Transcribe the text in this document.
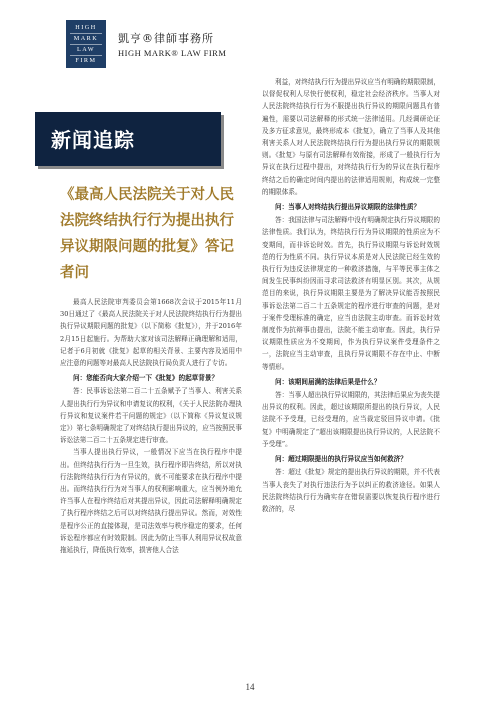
HIGH
MARK
LAW
FIRM
凱亨®律師事務所
HIGH MARK® LAW FIRM
新闻追踪
《最高人民法院关于对人民法院终结执行行为提出执行异议期限问题的批复》答记者问

最高人民法院审判委员会第1668次会议于2015年11月30日通过了《最高人民法院关于对人民法院终结执行行为提出执行异议期限问题的批复》（以下简称《批复》），并于2016年2月15日起施行。为帮助大家对该司法解释正确理解和适用，记者于6月初就《批复》起草的相关背景、主要内容及适用中应注意的问题等对最高人民法院执行局负责人进行了专访。

问：您能否向大家介绍一下《批复》的起草背景？

答：民事诉讼法第二百二十五条赋予了当事人、利害关系人提出执行行为异议和申请复议的权利，《关于人民法院办理执行异议和复议案件若干问题的规定》（以下简称《异议复议规定》）第七条明确规定了对终结执行提出异议的，应当按照民事诉讼法第二百二十五条规定进行审查。

当事人提出执行异议，一般情况下应当在执行程序中提出。但终结执行行为一旦生效，执行程序即告终结，所以对执行法院终结执行行为有异议的，就不可能要求在执行程序中提出。而终结执行行为对当事人的权利影响重大，应当例外地允许当事人在程序终结后对其提出异议，因此司法解释明确规定了执行程序终结之后可以对终结执行提出异议。然而，对效性是程序公正的直接体现，是司法效率与秩序稳定的要求，任何诉讼程序都应有时效限制。因此为防止当事人利用异议权故意拖延执行，降低执行效率，损害他人合法

利益，对终结执行行为提出异议应当有明确的期限限制，以督促权利人尽快行使权利，稳定社会经济秩序。当事人对人民法院终结执行行为不服提出执行异议的期限问题具有普遍性，需要以司法解释的形式统一法律适用。几经调研论证及多方征求意见，最终形成本《批复》，确立了当事人及其他利害关系人对人民法院终结执行行为提出执行异议的期限规则。《批复》与原有司法解释有效衔接，形成了一般执行行为异议在执行过程中提出，对终结执行行为的异议在执行程序终结之后的确定时间内提出的法律适用规则，构成统一完整的期限体系。

问：当事人对终结执行提出异议期限的法律性质？

答：我国法律与司法解释中没有明确规定执行异议期限的法律性质。我们认为，终结执行行为异议期限的性质应为不变期间，而非诉讼时效。首先，执行异议期限与诉讼时效规范的行为性质不同。执行异议本质是对人民法院已经生效的执行行为违反法律规定的一种救济措施，与平等民事主体之间发生民事纠纷因而寻求司法救济有明显区别。其次，从规范目的来说，执行异议期限主要是为了解决异议能否按照民事诉讼法第二百二十五条规定的程序进行审查的问题，是对于案件受理标准的确定，应当由法院主动审查。而诉讼时效制度作为抗辩事由提出，法院不能主动审查。因此，执行异议期限性质应为不变期间，作为执行异议案件受理条件之一，法院应当主动审查，且执行异议期限不存在中止、中断等情形。

问：该期间届满的法律后果是什么？

答：当事人超出执行异议期限的，其法律后果应为丧失提出异议的权利。因此，超过该期限所提出的执行异议，人民法院不予受理，已经受理的，应当裁定驳回异议申请。《批复》中明确规定了“超出该期限提出执行异议的，人民法院不予受理”。

问：超过期限提出的执行异议应当如何救济？

答：超过《批复》规定的提出执行异议的期限，并不代表当事人丧失了对执行违法行为予以纠正的救济途径。如果人民法院终结执行行为确实存在错误需要以恢复执行程序进行救济的，尽

14
